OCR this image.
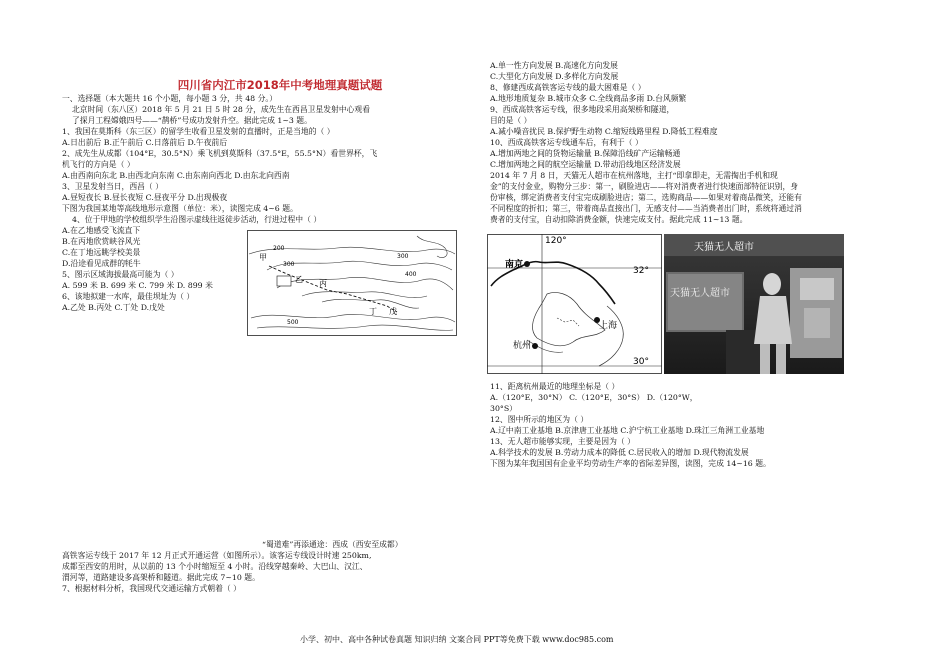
四川省内江市2018年中考地理真题试题
一、选择题（本大题共 16 个小题，每小题 3 分，共 48 分。）
北京时间（东八区）2018 年 5 月 21 日 5 时 28 分，成先生在西昌卫星发射中心观看
了探月工程嫦娥四号——“鹊桥”号成功发射升空。据此完成 1~3 题。
1、我国在莫斯科（东三区）的留学生收看卫星发射的直播时，正是当地的（ ）
A.日出前后 B.正午前后 C.日落前后 D.午夜前后
2、成先生从成都（104°E，30.5°N）乘飞机到莫斯科（37.5°E，55.5°N）看世界杯，飞
机飞行的方向是（ ）
A.由西南向东北 B.由西北向东南 C.由东南向西北 D.由东北向西南
3、卫星发射当日，西昌（ ）
A.昼短夜长 B.昼长夜短 C.昼夜平分 D.出现极夜
下图为我国某地等高线地形示意图（单位：米），读图完成 4~6 题。
4、位于甲地的学校组织学生沿图示虚线往返徒步活动，行进过程中（ ）
A.在乙地感受飞流直下
B.在丙地欣赏峡谷风光
C.在丁地远眺学校美景
D.沿途看见成群的牦牛
5、图示区域海拔最高可能为（ ）
A. 599 米 B. 699 米 C. 799 米 D. 899 米
6、该地拟建一水库，最佳坝址为（ ）
A.乙处 B.丙处 C.丁处 D.戊处
“蜀道难”再添通途：西成（西安至成都）
高铁客运专线于 2017 年 12 月正式开通运营（如图所示）。该客运专线设计时速 250km,
成都至西安的用时，从以前的 13 个小时缩短至 4 小时。沿线穿越秦岭、大巴山、汉江、
渭河等，道路建设多高架桥和隧道。据此完成 7~10 题。
7、根据材料分析，我国现代交通运输方式朝着（ ）
200
300
300
400
500
甲
乙 丙
丁 戊
A.单一性方向发展 B.高速化方向发展
C.大型化方向发展 D.多样化方向发展
8、修建西成高铁客运专线的最大困难是（ ）
A.地形地质复杂 B.城市众多 C.全线商品多雨 D.台风频繁
9、西成高铁客运专线，很多地段采用高架桥和隧道，
目的是（ ）
A.减小噪音扰民 B.保护野生动物 C.缩短线路里程 D.降低工程难度
10、西成高铁客运专线通车后，有利于（ ）
A.增加两地之间的货物运输量 B.保障沿线矿产运输畅通
C.增加两地之间的航空运输量 D.带动沿线地区经济发展
2014 年 7 月 8 日，天猫无人超市在杭州落地，主打“即拿即走，无需掏出手机和现
金”的支付金业，购物分三步：第一，刷脸进店——将对消费者进行快速面部特征识别，身
份审核，绑定消费者支付宝完成刷脸进店；第二，选购商品——如果对着商品微笑，还能有
不同程度的折扣；第三，带着商品直接出门，无感支付——当消费者出门时，系统将通过消
费者的支付宝，自动扣除消费金额，快速完成支付。据此完成 11~13 题。
11、距离杭州最近的地理坐标是（ ）
A.（120°E，30°N） C.（120°E，30°S） D.（120°W，
30°S）
12、图中所示的地区为（ ）
A.辽中南工业基地 B.京津唐工业基地 C.沪宁杭工业基地 D.珠江三角洲工业基地
13、无人超市能够实现，主要是因为（ ）
A.科学技术的发展 B.劳动力成本的降低 C.居民收入的增加 D.现代物流发展
下图为某年我国国有企业平均劳动生产率的省际差异图，读图，完成 14~16 题。
120°
32°
30°
南京
上海
杭州
天猫无人超市
天猫无人超市
小学、初中、高中各种试卷真题 知识归纳 文案合同 PPT等免费下载 www.doc985.com
